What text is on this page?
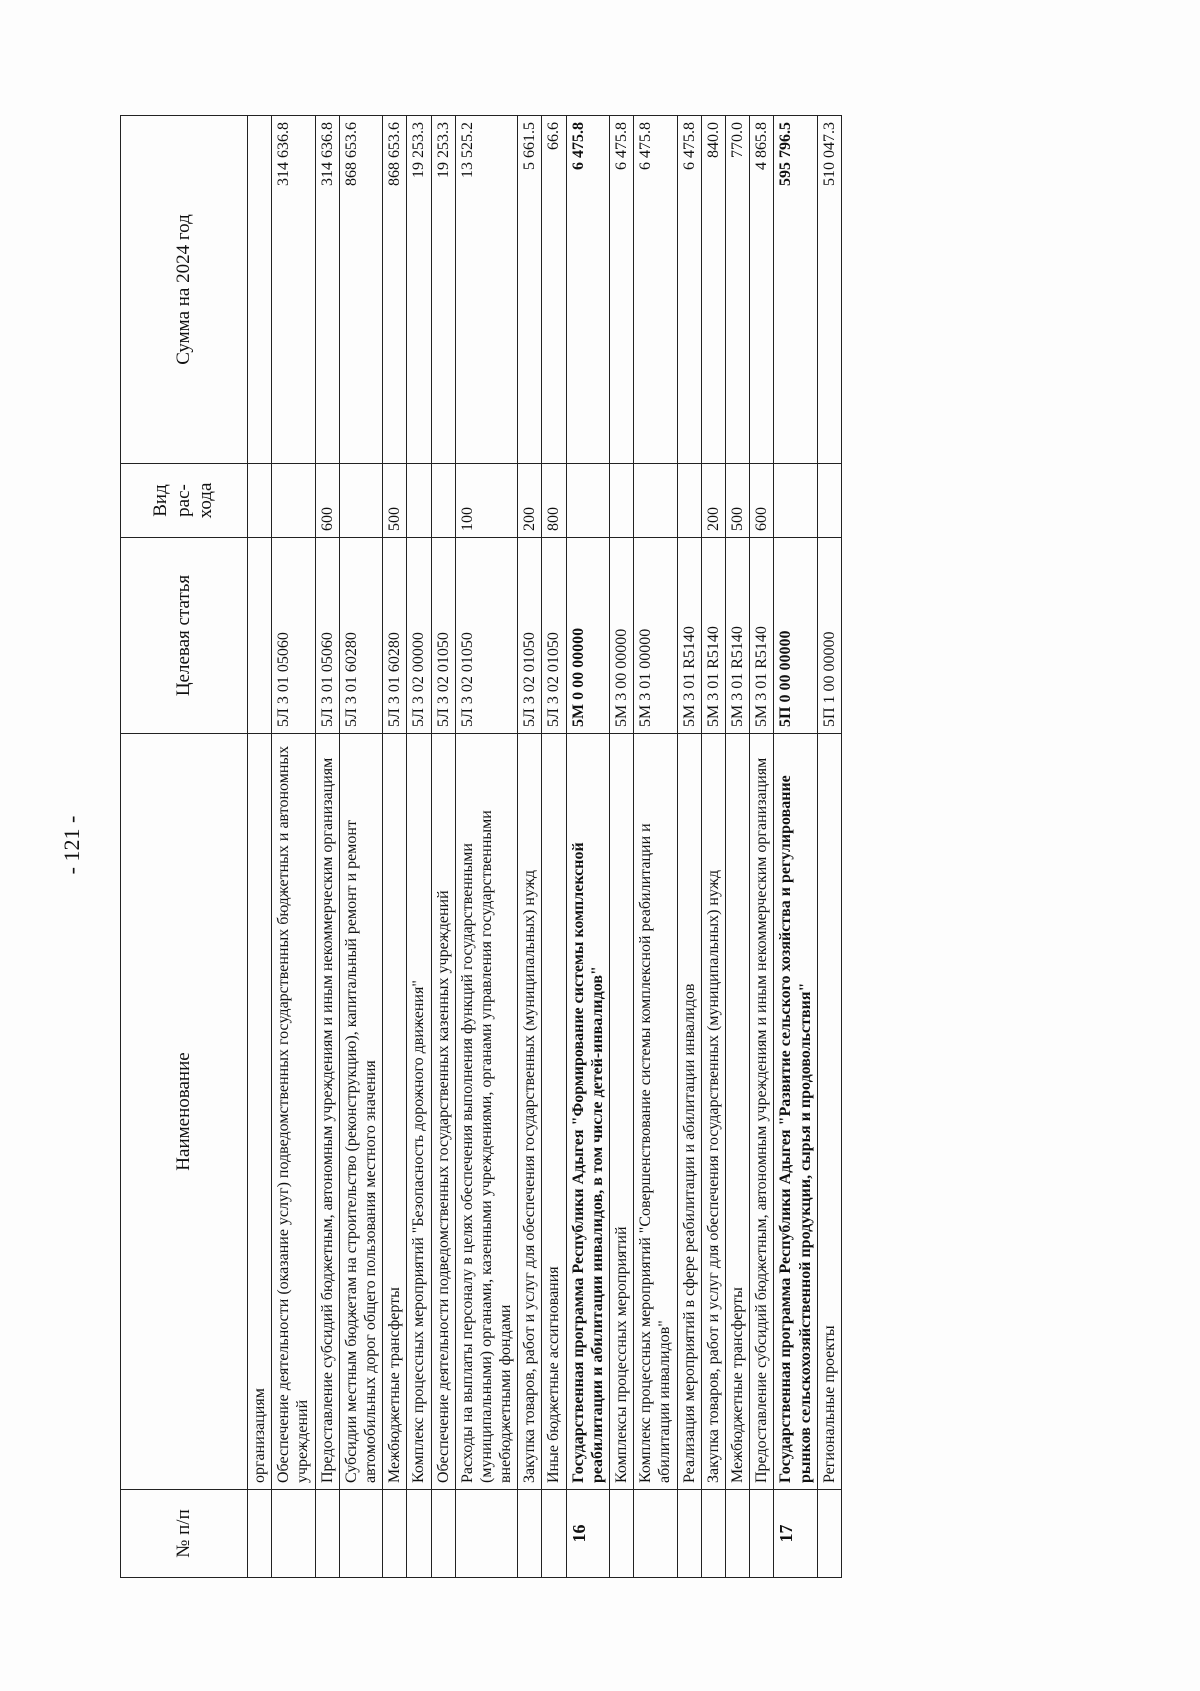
- 121 -
№ п/п	Наименование	Целевая статья	Вид рас-хода	Сумма на 2024 год
	организациям			
	Обеспечение деятельности (оказание услуг) подведомственных государственных бюджетных и автономных учреждений	5Л 3 01 05060		314 636.8
	Предоставление субсидий бюджетным, автономным учреждениям и иным некоммерческим организациям	5Л 3 01 05060	600	314 636.8
	Субсидии местным бюджетам на строительство (реконструкцию), капитальный ремонт и ремонт автомобильных дорог общего пользования местного значения	5Л 3 01 60280		868 653.6
	Межбюджетные трансферты	5Л 3 01 60280	500	868 653.6
	Комплекс процессных мероприятий "Безопасность дорожного движения"	5Л 3 02 00000		19 253.3
	Обеспечение деятельности подведомственных государственных казенных учреждений	5Л 3 02 01050		19 253.3
	Расходы на выплаты персоналу в целях обеспечения выполнения функций государственными (муниципальными) органами, казенными учреждениями, органами управления государственными внебюджетными фондами	5Л 3 02 01050	100	13 525.2
	Закупка товаров, работ и услуг для обеспечения государственных (муниципальных) нужд	5Л 3 02 01050	200	5 661.5
	Иные бюджетные ассигнования	5Л 3 02 01050	800	66.6
16	Государственная программа Республики Адыгея "Формирование системы комплексной реабилитации и абилитации инвалидов, в том числе детей-инвалидов"	5М 0 00 00000		6 475.8
	Комплексы процессных мероприятий	5М 3 00 00000		6 475.8
	Комплекс процессных мероприятий "Совершенствование системы комплексной реабилитации и абилитации инвалидов"	5М 3 01 00000		6 475.8
	Реализация мероприятий в сфере реабилитации и абилитации инвалидов	5М 3 01 R5140		6 475.8
	Закупка товаров, работ и услуг для обеспечения государственных (муниципальных) нужд	5М 3 01 R5140	200	840.0
	Межбюджетные трансферты	5М 3 01 R5140	500	770.0
	Предоставление субсидий бюджетным, автономным учреждениям и иным некоммерческим организациям	5М 3 01 R5140	600	4 865.8
17	Государственная программа Республики Адыгея "Развитие сельского хозяйства и регулирование рынков сельскохозяйственной продукции, сырья и продовольствия"	5П 0 00 00000		595 796.5
	Региональные проекты	5П 1 00 00000		510 047.3
